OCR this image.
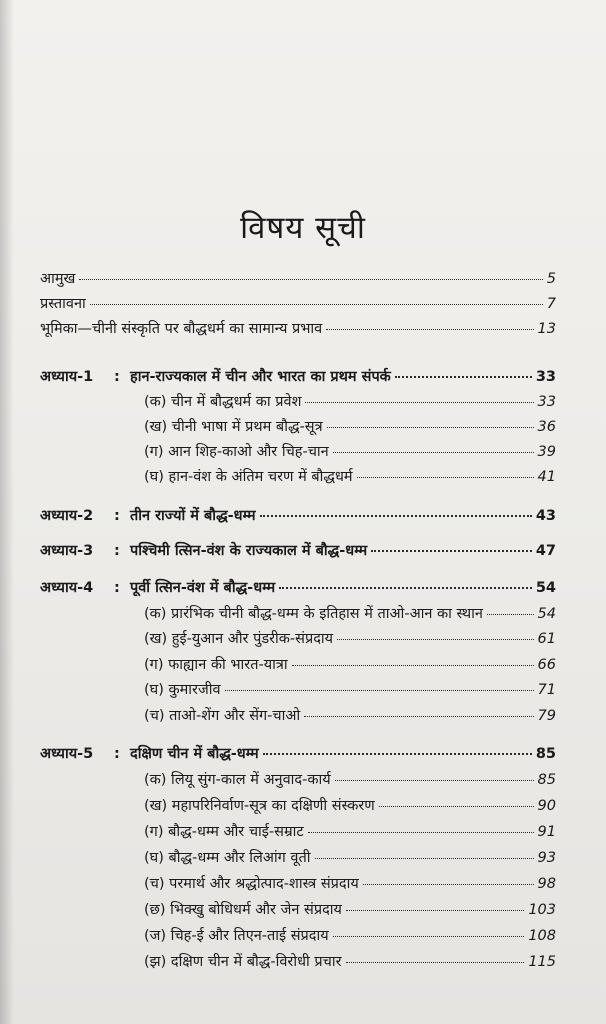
विषय सूची
आमुख	5
प्रस्तावना	7
भूमिका—चीनी संस्कृति पर बौद्धधर्म का सामान्य प्रभाव	13
अध्याय-1 : हान-राज्यकाल में चीन और भारत का प्रथम संपर्क	33
(क) चीन में बौद्धधर्म का प्रवेश	33
(ख) चीनी भाषा में प्रथम बौद्ध-सूत्र	36
(ग) आन शिह-काओ और चिह-चान	39
(घ) हान-वंश के अंतिम चरण में बौद्धधर्म	41
अध्याय-2 : तीन राज्यों में बौद्ध-धम्म	43
अध्याय-3 : पश्चिमी त्सिन-वंश के राज्यकाल में बौद्ध-धम्म	47
अध्याय-4 : पूर्वी त्सिन-वंश में बौद्ध-धम्म	54
(क) प्रारंभिक चीनी बौद्ध-धम्म के इतिहास में ताओ-आन का स्थान	54
(ख) हुई-युआन और पुंडरीक-संप्रदाय	61
(ग) फाह्यान की भारत-यात्रा	66
(घ) कुमारजीव	71
(च) ताओ-शेंग और सेंग-चाओ	79
अध्याय-5 : दक्षिण चीन में बौद्ध-धम्म	85
(क) लियू सुंग-काल में अनुवाद-कार्य	85
(ख) महापरिनिर्वाण-सूत्र का दक्षिणी संस्करण	90
(ग) बौद्ध-धम्म और चाई-सम्राट	91
(घ) बौद्ध-धम्म और लिआंग वूती	93
(च) परमार्थ और श्रद्धोत्पाद-शास्त्र संप्रदाय	98
(छ) भिक्खु बोधिधर्म और जेन संप्रदाय	103
(ज) चिह-ई और तिएन-ताई संप्रदाय	108
(झ) दक्षिण चीन में बौद्ध-विरोधी प्रचार	115
